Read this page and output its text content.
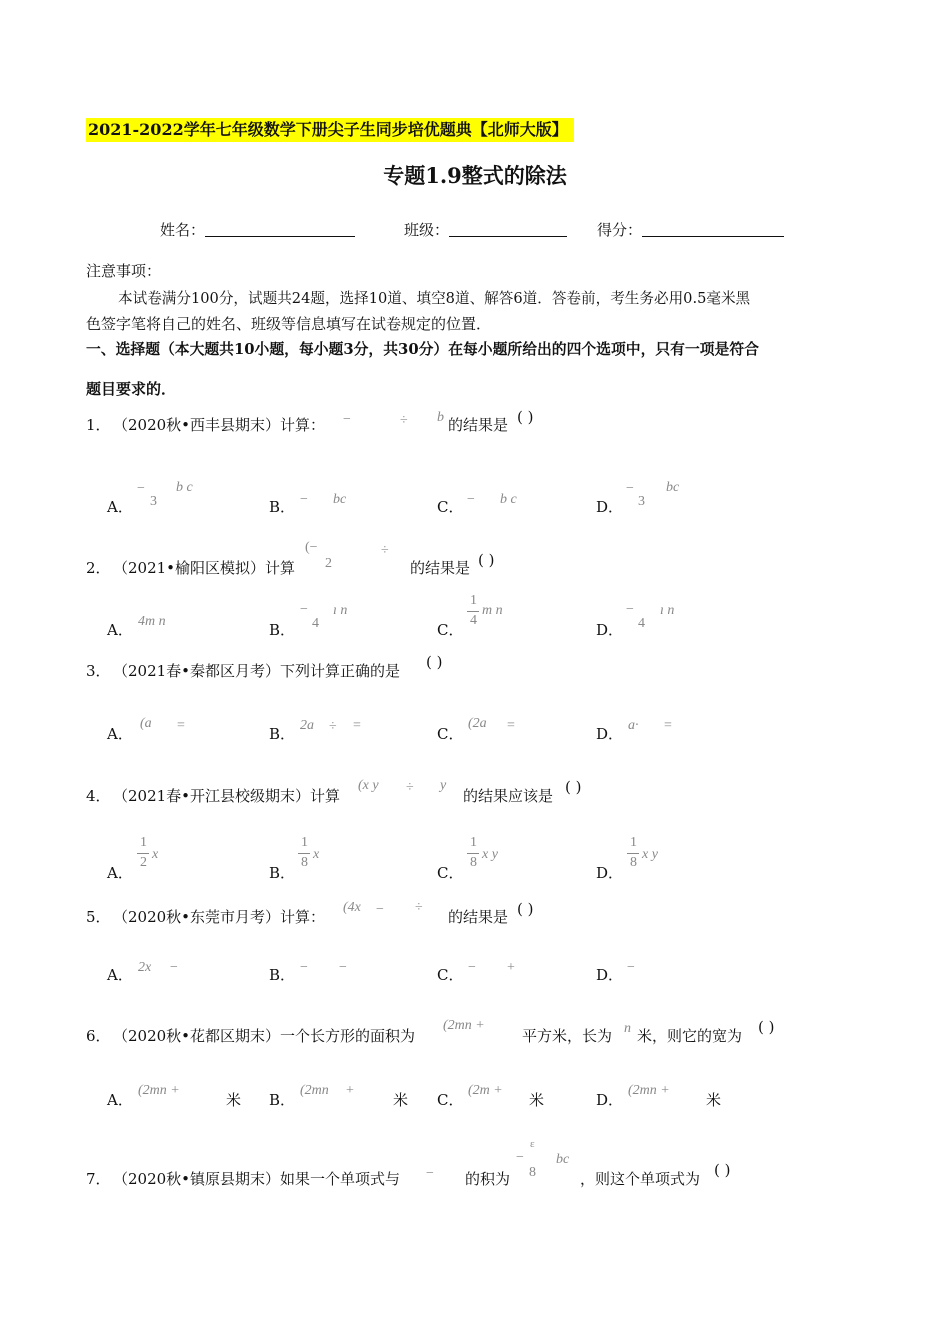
2021-2022学年七年级数学下册尖子生同步培优题典【北师大版】
专题1.9整式的除法
姓名：	班级：	得分：
注意事项：
本试卷满分100分，试题共24题，选择10道、填空8道、解答6道．答卷前，考生务必用0.5毫米黑
色签字笔将自己的姓名、班级等信息填写在试卷规定的位置．
一、选择题（本大题共10小题，每小题3分，共30分）在每小题所给出的四个选项中，只有一项是符合
题目要求的．
1． （2020秋•西丰县期末）计算： −	÷ b 的结果是 ( )
A．
−
3
b c
B． − bc	C． − b c	D．
−
3
bc
2． （2021•榆阳区模拟）计算
(−
2
÷
的结果是 ( )
A． 4m n	B．
−
4
ı n
C．
1
4
m n
D．
−
4
ı n
3． （2021春•秦都区月考）下列计算正确的是 ( )
A．
(a =	B． 2a ÷ =	C．
(2a =	D． a· =
4． （2021春•开江县校级期末）计算
(x y ÷ y
的结果应该是 ( )
A．
1
2
x
B．
1
8
x
C．
1
8
x y
D．
1
8
x y
5． （2020秋•东莞市月考）计算：
(4x − ÷
的结果是 ( )
A． 2x −	B． − −	C． − +	D． −
6． （2020秋•花都区期末）一个长方形的面积为
(2mn +
平方米，长为 n 米，则它的宽为 ( )
A．
(2mn +
米 B．
(2mn +
米 C．
(2m +
米	D．
(2mn +
米
7． （2020秋•镇原县期末）如果一个单项式与 − 的积为
−
ɛ
8
bc
，则这个单项式为 ( )
